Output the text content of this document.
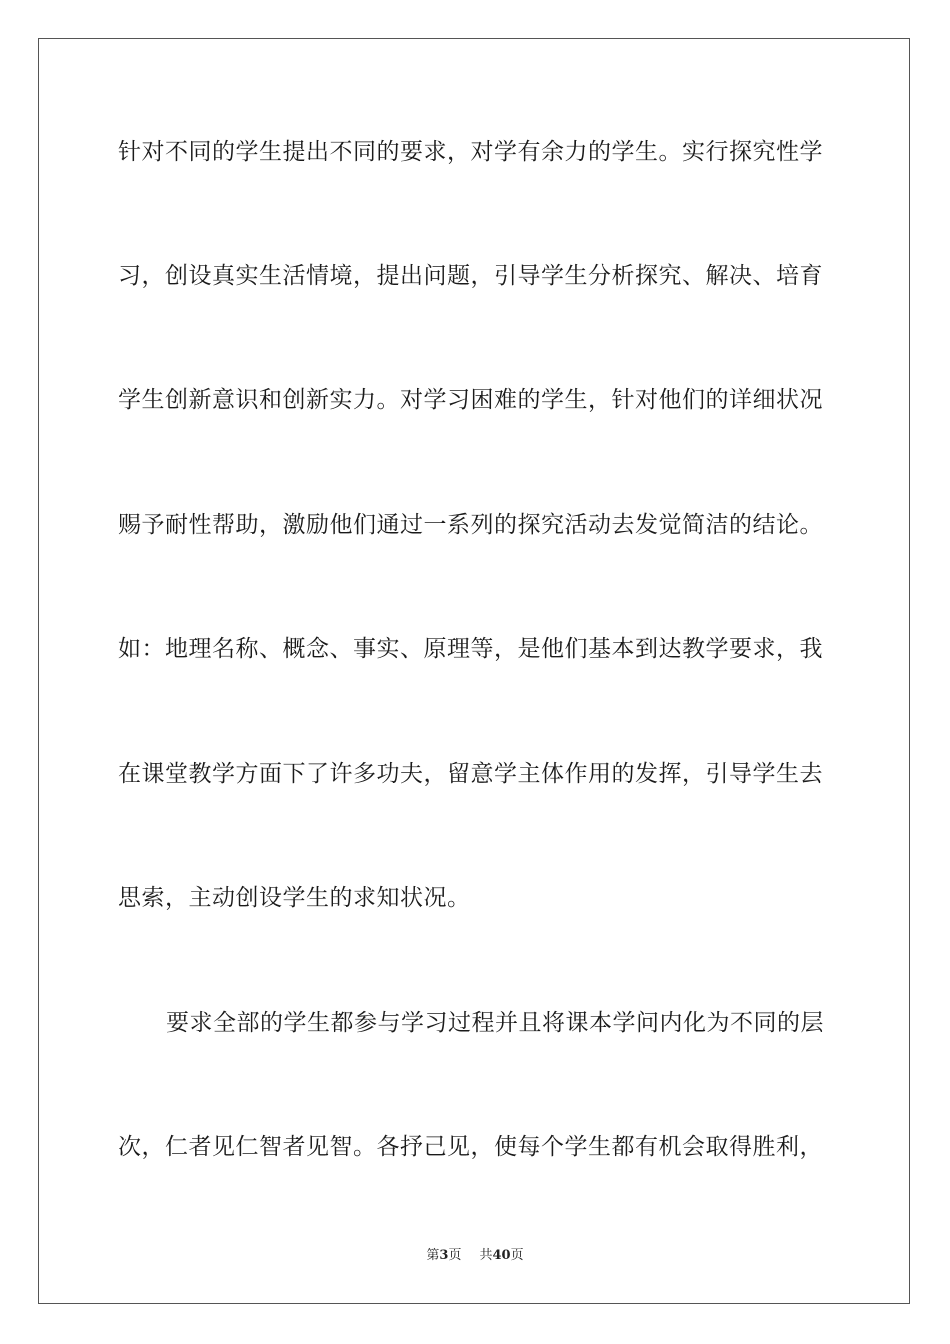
针对不同的学生提出不同的要求，对学有余力的学生。实行探究性学
习，创设真实生活情境，提出问题，引导学生分析探究、解决、培育
学生创新意识和创新实力。对学习困难的学生，针对他们的详细状况
赐予耐性帮助，激励他们通过一系列的探究活动去发觉简洁的结论。
如：地理名称、概念、事实、原理等，是他们基本到达教学要求，我
在课堂教学方面下了许多功夫，留意学主体作用的发挥，引导学生去
思索，主动创设学生的求知状况。
要求全部的学生都参与学习过程并且将课本学问内化为不同的层
次，仁者见仁智者见智。各抒己见，使每个学生都有机会取得胜利，
第3页 共40页
